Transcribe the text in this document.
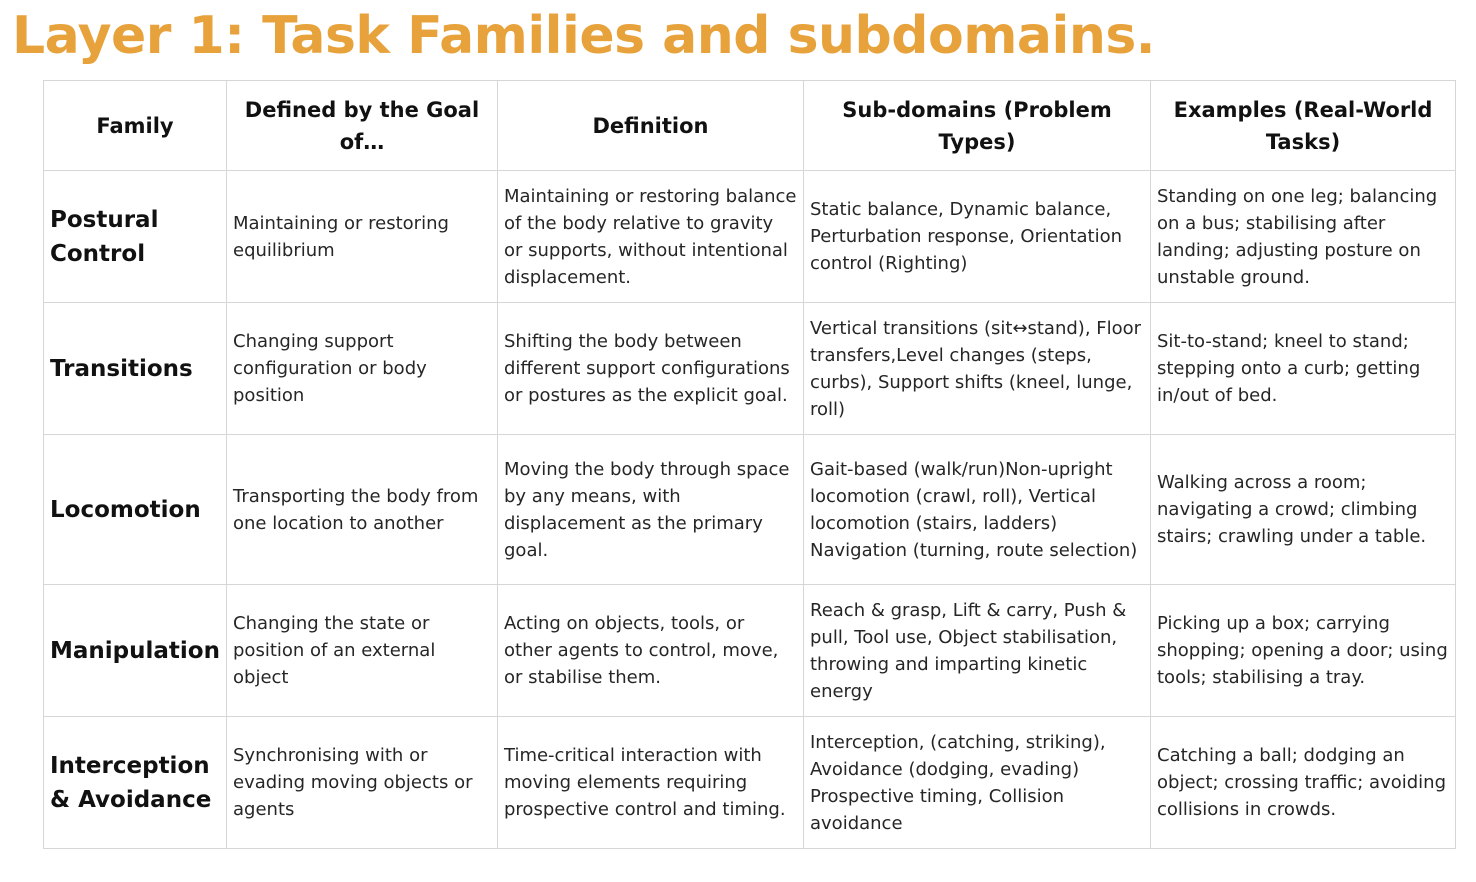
Layer 1: Task Families and subdomains.
Family	Defined by the Goal of…	Definition	Sub-domains (Problem Types)	Examples (Real-World Tasks)
Postural Control	Maintaining or restoring equilibrium	Maintaining or restoring balance of the body relative to gravity or supports, without intentional displacement.	Static balance, Dynamic balance, Perturbation response, Orientation control (Righting)	Standing on one leg; balancing on a bus; stabilising after landing; adjusting posture on unstable ground.
Transitions	Changing support configuration or body position	Shifting the body between different support configurations or postures as the explicit goal.	Vertical transitions (sit↔stand), Floor transfers,Level changes (steps, curbs), Support shifts (kneel, lunge, roll)	Sit-to-stand; kneel to stand; stepping onto a curb; getting in/out of bed.
Locomotion	Transporting the body from one location to another	Moving the body through space by any means, with displacement as the primary goal.	Gait-based (walk/run)Non-upright locomotion (crawl, roll), Vertical locomotion (stairs, ladders) Navigation (turning, route selection)	Walking across a room; navigating a crowd; climbing stairs; crawling under a table.
Manipulation	Changing the state or position of an external object	Acting on objects, tools, or other agents to control, move, or stabilise them.	Reach & grasp, Lift & carry, Push & pull, Tool use, Object stabilisation, throwing and imparting kinetic energy	Picking up a box; carrying shopping; opening a door; using tools; stabilising a tray.
Interception & Avoidance	Synchronising with or evading moving objects or agents	Time-critical interaction with moving elements requiring prospective control and timing.	Interception, (catching, striking), Avoidance (dodging, evading) Prospective timing, Collision avoidance	Catching a ball; dodging an object; crossing traffic; avoiding collisions in crowds.
